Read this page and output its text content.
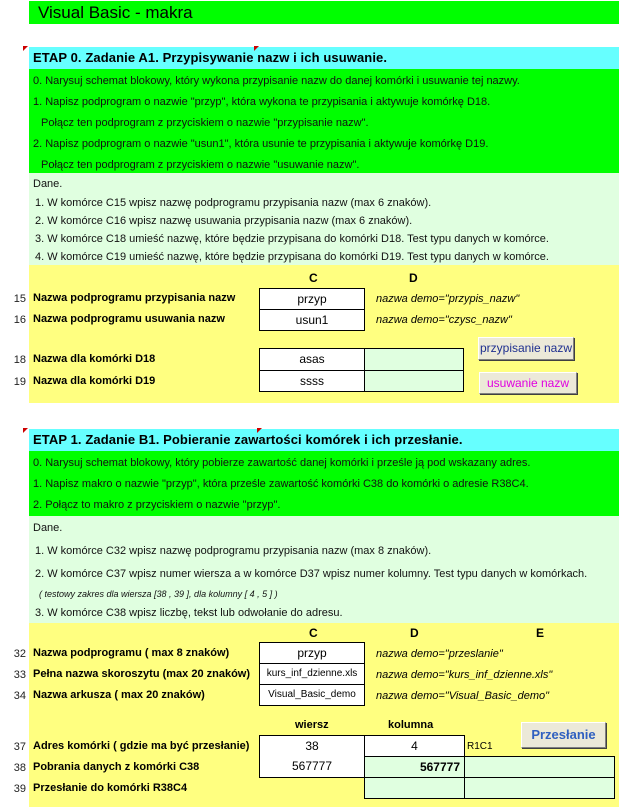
Visual Basic - makra
ETAP 0. Zadanie A1. Przypisywanie nazw i ich usuwanie.
0. Narysuj schemat blokowy, który wykona przypisanie nazw do danej komórki i usuwanie tej nazwy.
1. Napisz podprogram o nazwie "przyp", która wykona te przypisania i aktywuje komórkę D18.
Połącz ten podprogram z przyciskiem o nazwie "przypisanie nazw".
2. Napisz podprogram o nazwie "usun1", która usunie te przypisania i aktywuje komórkę D19.
Połącz ten podprogram z przyciskiem o nazwie "usuwanie nazw".
Dane.
1. W komórce C15 wpisz nazwę podprogramu przypisania nazw (max 6 znaków).
2. W komórce C16 wpisz nazwę usuwania przypisania nazw (max 6 znaków).
3. W komórce C18 umieść nazwę, które będzie przypisana do komórki D18. Test typu danych w komórce.
4. W komórce C19 umieść nazwę, które będzie przypisana do komórki D19. Test typu danych w komórce.
C	D
15 Nazwa podprogramu przypisania nazw	przyp	nazwa demo="przypis_nazw"
16 Nazwa podprogramu usuwania nazw	usun1	nazwa demo="czysc_nazw"
18 Nazwa dla komórki D18	asas
19 Nazwa dla komórki D19	ssss
przypisanie nazw
usuwanie nazw
ETAP 1. Zadanie B1. Pobieranie zawartości komórek i ich przesłanie.
0. Narysuj schemat blokowy, który pobierze zawartość danej komórki i prześle ją pod wskazany adres.
1. Napisz makro o nazwie "przyp", która prześle zawartość komórki C38 do komórki o adresie R38C4.
2. Połącz to makro z przyciskiem o nazwie "przyp".
Dane.
1. W komórce C32 wpisz nazwę podprogramu przypisania nazw (max 8 znaków).
2. W komórce C37 wpisz numer wiersza a w komórce D37 wpisz numer kolumny. Test typu danych w komórkach.
( testowy zakres dla wiersza [38 , 39 ], dla kolumny [ 4 , 5 ] )
3. W komórce C38 wpisz liczbę, tekst lub odwołanie do adresu.
C	D	E
32 Nazwa podprogramu ( max 8 znaków)	przyp	nazwa demo="przeslanie"
33 Pełna nazwa skoroszytu (max 20 znaków)	kurs_inf_dzienne.xls	nazwa demo="kurs_inf_dzienne.xls"
34 Nazwa arkusza ( max 20 znaków)	Visual_Basic_demo	nazwa demo="Visual_Basic_demo"
wiersz	kolumna
37 Adres komórki ( gdzie ma być przesłanie)	38	4	R1C1
38 Pobrania danych z komórki C38	567777	567777
39 Przesłanie do komórki R38C4
Przesłanie
